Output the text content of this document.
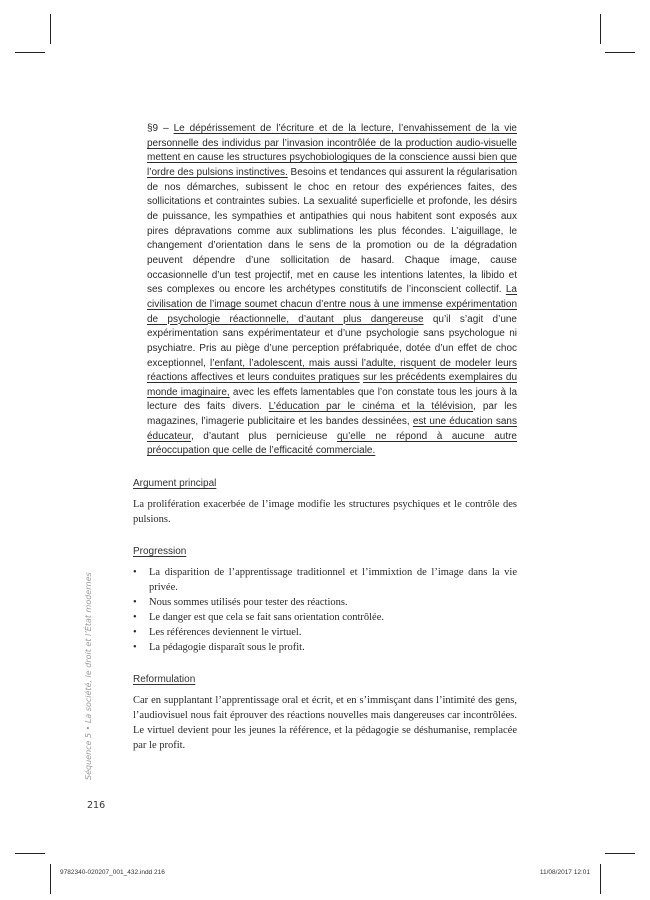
§9 – Le dépérissement de l’écriture et de la lecture, l’envahissement de la vie personnelle des individus par l’invasion incontrôlée de la production audio-visuelle mettent en cause les structures psychobiologiques de la conscience aussi bien que l’ordre des pulsions instinctives. Besoins et tendances qui assurent la régularisation de nos démarches, subissent le choc en retour des expériences faites, des sollicitations et contraintes subies. La sexualité superficielle et profonde, les désirs de puissance, les sympathies et antipathies qui nous habitent sont exposés aux pires dépravations comme aux sublimations les plus fécondes. L’aiguillage, le changement d’orientation dans le sens de la promotion ou de la dégradation peuvent dépendre d’une sollicitation de hasard. Chaque image, cause occasionnelle d’un test projectif, met en cause les intentions latentes, la libido et ses complexes ou encore les archétypes constitutifs de l’inconscient collectif. La civilisation de l’image soumet chacun d’entre nous à une immense expérimentation de psychologie réactionnelle, d’autant plus dangereuse qu’il s’agit d’une expérimentation sans expérimentateur et d’une psychologie sans psychologue ni psychiatre. Pris au piège d’une perception préfabriquée, dotée d’un effet de choc exceptionnel, l’enfant, l’adolescent, mais aussi l’adulte, risquent de modeler leurs réactions affectives et leurs conduites pratiques sur les précédents exemplaires du monde imaginaire, avec les effets lamentables que l’on constate tous les jours à la lecture des faits divers. L’éducation par le cinéma et la télévision, par les magazines, l’imagerie publicitaire et les bandes dessinées, est une éducation sans éducateur, d’autant plus pernicieuse qu’elle ne répond à aucune autre préoccupation que celle de l’efficacité commerciale.
Argument principal
La prolifération exacerbée de l’image modifie les structures psychiques et le contrôle des pulsions.
Progression
• La disparition de l’apprentissage traditionnel et l’immixtion de l’image dans la vie privée.
• Nous sommes utilisés pour tester des réactions.
• Le danger est que cela se fait sans orientation contrôlée.
• Les références deviennent le virtuel.
• La pédagogie disparaît sous le profit.
Reformulation
Car en supplantant l’apprentissage oral et écrit, et en s’immisçant dans l’intimité des gens, l’audiovisuel nous fait éprouver des réactions nouvelles mais dangereuses car incontrôlées. Le virtuel devient pour les jeunes la référence, et la pédagogie se déshumanise, remplacée par le profit.
Séquence 5 • La société, le droit et l’État modernes
216
9782340-020207_001_432.indd 216	11/08/2017 12:01
